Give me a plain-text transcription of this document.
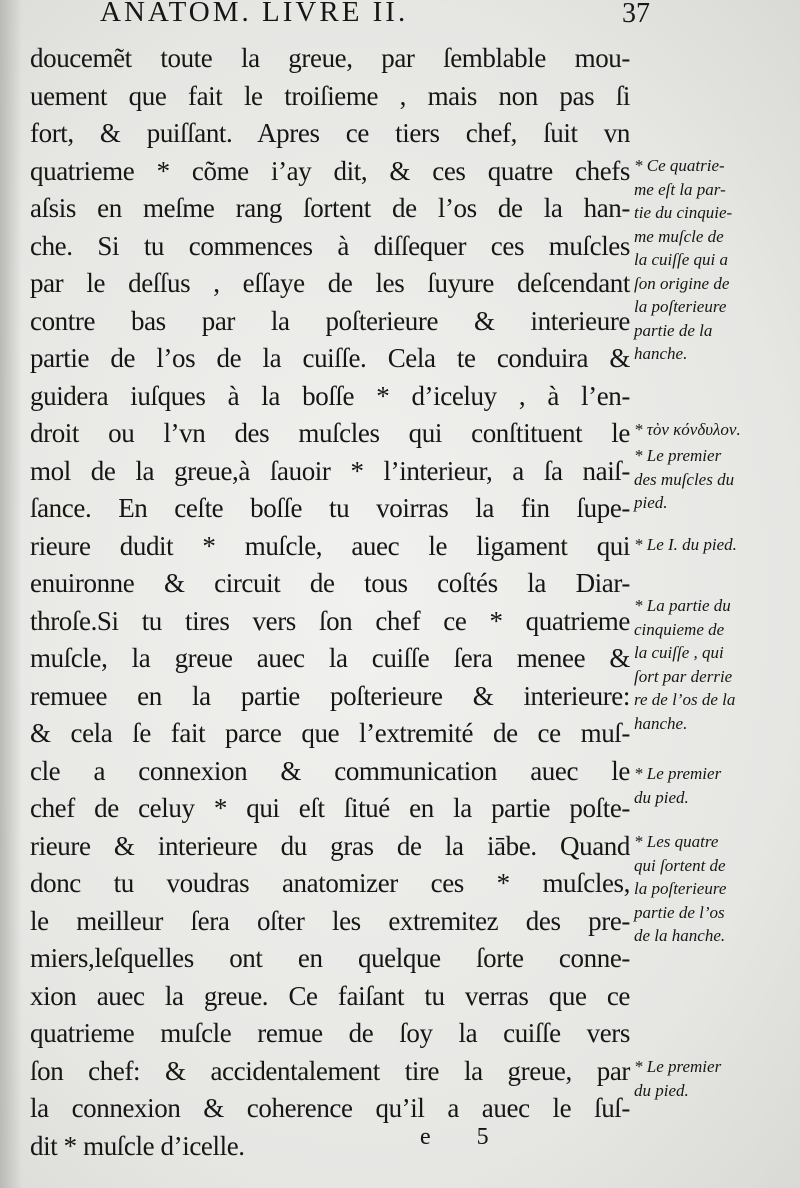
ANATOM. LIVRE II.	37
doucemẽt toute la greue, par ſemblable mou-
uement que fait le troiſieme , mais non pas ſi
fort, & puiſſant. Apres ce tiers chef, ſuit vn
quatrieme * cõme i’ay dit, & ces quatre chefs
aſsis en meſme rang ſortent de l’os de la han-
che. Si tu commences à diſſequer ces muſcles
par le deſſus , eſſaye de les ſuyure deſcendant
contre bas par la poſterieure & interieure
partie de l’os de la cuiſſe. Cela te conduira &
guidera iuſques à la boſſe * d’iceluy , à l’en-
droit ou l’vn des muſcles qui conſtituent le
mol de la greue,à ſauoir * l’interieur, a ſa naiſ-
ſance. En ceſte boſſe tu voirras la fin ſupe-
rieure dudit * muſcle, auec le ligament qui
enuironne & circuit de tous coſtés la Diar-
throſe.Si tu tires vers ſon chef ce * quatrieme
muſcle, la greue auec la cuiſſe ſera menee &
remuee en la partie poſterieure & interieure:
& cela ſe fait parce que l’extremité de ce muſ-
cle a connexion & communication auec le
chef de celuy * qui eſt ſitué en la partie poſte-
rieure & interieure du gras de la iābe. Quand
donc tu voudras anatomizer ces * muſcles,
le meilleur ſera oſter les extremitez des pre-
miers,leſquelles ont en quelque ſorte conne-
xion auec la greue. Ce faiſant tu verras que ce
quatrieme muſcle remue de ſoy la cuiſſe vers
ſon chef: & accidentalement tire la greue, par
la connexion & coherence qu’il a auec le ſuſ-
dit * muſcle d’icelle.
* Ce quatrie-
me eſt la par-
tie du cinquie-
me muſcle de
la cuiſſe qui a
ſon origine de
la poſterieure
partie de la
hanche.
* τὸν κόνδυλον.
* Le premier
des muſcles du
pied.
* Le I. du pied.
* La partie du
cinquieme de
la cuiſſe , qui
ſort par derrie
re de l’os de la
hanche.
* Le premier
du pied.
* Les quatre
qui ſortent de
la poſterieure
partie de l’os
de la hanche.
* Le premier
du pied.

e 5
